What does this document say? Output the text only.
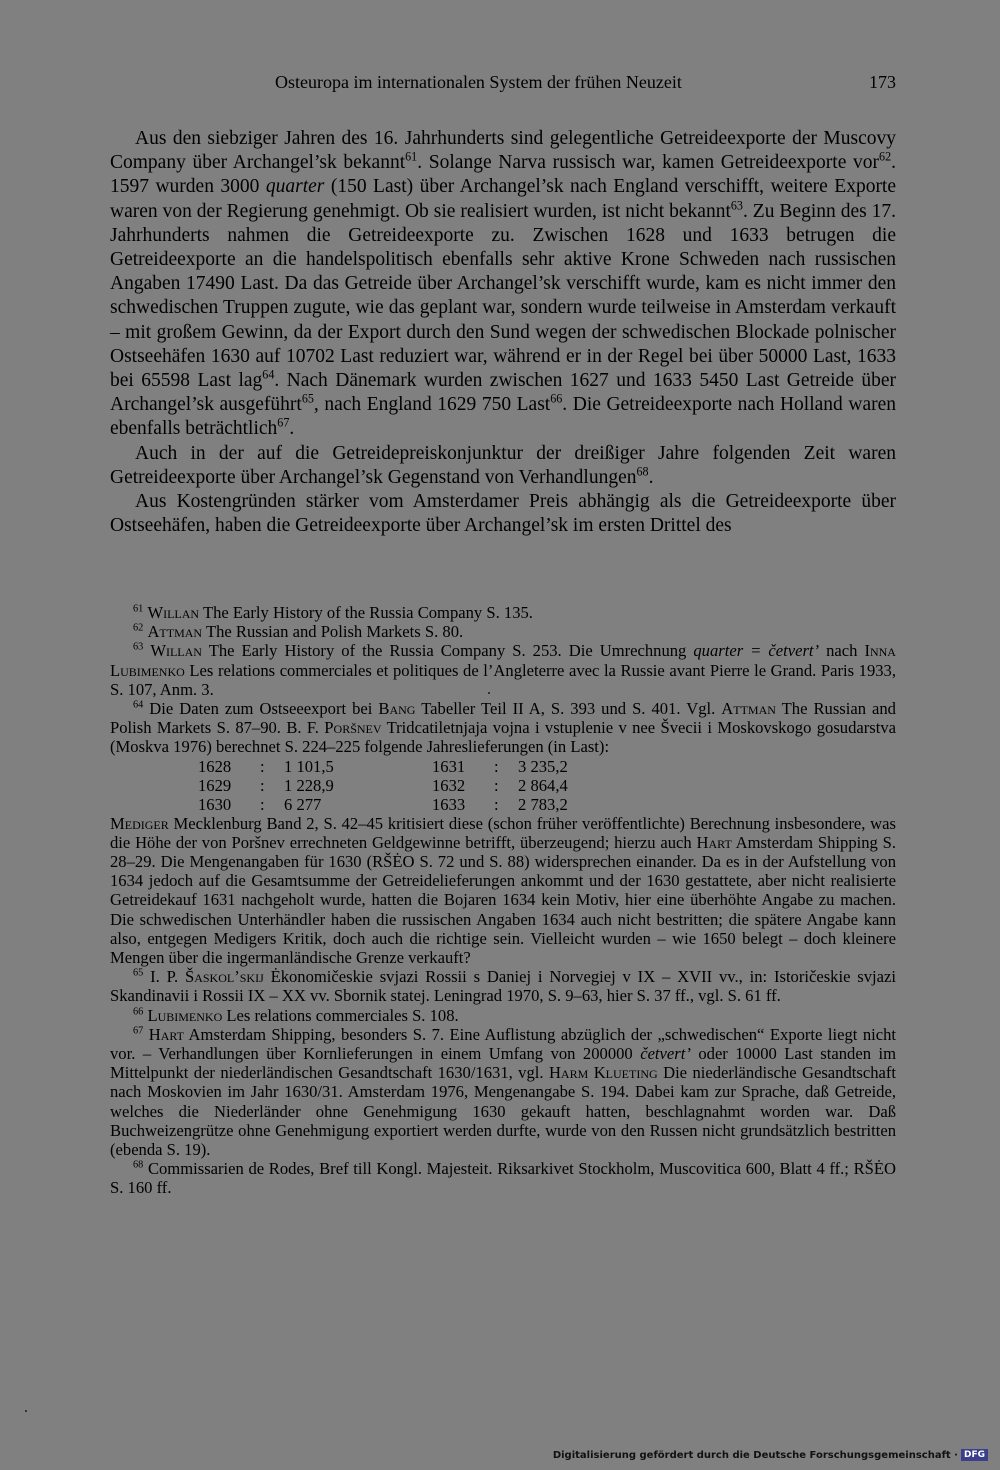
Osteuropa im internationalen System der frühen Neuzeit	173

Aus den siebziger Jahren des 16. Jahrhunderts sind gelegentliche Getreideexporte der Muscovy Company über Archangel’sk bekannt$^{61}$. Solange Narva russisch war, kamen Getreideexporte vor$^{62}$. 1597 wurden 3000 quarter (150 Last) über Archangel’sk nach England verschifft, weitere Exporte waren von der Regierung genehmigt. Ob sie realisiert wurden, ist nicht bekannt$^{63}$. Zu Beginn des 17. Jahrhunderts nahmen die Getreideexporte zu. Zwischen 1628 und 1633 betrugen die Getreideexporte an die handelspolitisch ebenfalls sehr aktive Krone Schweden nach russischen Angaben 17490 Last. Da das Getreide über Archangel’sk verschifft wurde, kam es nicht immer den schwedischen Truppen zugute, wie das geplant war, sondern wurde teilweise in Amsterdam verkauft – mit großem Gewinn, da der Export durch den Sund wegen der schwedischen Blockade polnischer Ostseehäfen 1630 auf 10702 Last reduziert war, während er in der Regel bei über 50000 Last, 1633 bei 65598 Last lag$^{64}$. Nach Dänemark wurden zwischen 1627 und 1633 5450 Last Getreide über Archangel’sk ausgeführt$^{65}$, nach England 1629 750 Last$^{66}$. Die Getreideexporte nach Holland waren ebenfalls beträchtlich$^{67}$.

Auch in der auf die Getreidepreiskonjunktur der dreißiger Jahre folgenden Zeit waren Getreideexporte über Archangel’sk Gegenstand von Verhandlungen$^{68}$.

Aus Kostengründen stärker vom Amsterdamer Preis abhängig als die Getreideexporte über Ostseehäfen, haben die Getreideexporte über Archangel’sk im ersten Drittel des

$^{61}$ Willan The Early History of the Russia Company S. 135.

$^{62}$ Attman The Russian and Polish Markets S. 80.

$^{63}$ Willan The Early History of the Russia Company S. 253. Die Umrechnung quarter = četvert’ nach Inna Lubimenko Les relations commerciales et politiques de l’Angleterre avec la Russie avant Pierre le Grand. Paris 1933, S. 107, Anm. 3.

$^{64}$ Die Daten zum Ostseeexport bei Bang Tabeller Teil II A, S. 393 und S. 401. Vgl. Attman The Russian and Polish Markets S. 87–90. B. F. Poršnev Tridcatiletnjaja vojna i vstuplenie v nee Švecii i Moskovskogo gosudarstva (Moskva 1976) berechnet S. 224–225 folgende Jahreslieferungen (in Last):

1628	:	1 101,5	1631	:	3 235,2
1629	:	1 228,9	1632	:	2 864,4
1630	:	6 277	1633	:	2 783,2

Mediger Mecklenburg Band 2, S. 42–45 kritisiert diese (schon früher veröffentlichte) Berechnung insbesondere, was die Höhe der von Poršnev errechneten Geldgewinne betrifft, überzeugend; hierzu auch Hart Amsterdam Shipping S. 28–29. Die Mengenangaben für 1630 (RŠĖO S. 72 und S. 88) widersprechen einander. Da es in der Aufstellung von 1634 jedoch auf die Gesamtsumme der Getreidelieferungen ankommt und der 1630 gestattete, aber nicht realisierte Getreidekauf 1631 nachgeholt wurde, hatten die Bojaren 1634 kein Motiv, hier eine überhöhte Angabe zu machen. Die schwedischen Unterhändler haben die russischen Angaben 1634 auch nicht bestritten; die spätere Angabe kann also, entgegen Medigers Kritik, doch auch die richtige sein. Vielleicht wurden – wie 1650 belegt – doch kleinere Mengen über die ingermanländische Grenze verkauft?

$^{65}$ I. P. Šaskol’skij Ėkonomičeskie svjazi Rossii s Daniej i Norvegiej v IX – XVII vv., in: Istoričeskie svjazi Skandinavii i Rossii IX – XX vv. Sbornik statej. Leningrad 1970, S. 9–63, hier S. 37 ff., vgl. S. 61 ff.

$^{66}$ Lubimenko Les relations commerciales S. 108.

$^{67}$ Hart Amsterdam Shipping, besonders S. 7. Eine Auflistung abzüglich der „schwedischen“ Exporte liegt nicht vor. – Verhandlungen über Kornlieferungen in einem Umfang von 200000 četvert’ oder 10000 Last standen im Mittelpunkt der niederländischen Gesandtschaft 1630/1631, vgl. Harm Klueting Die niederländische Gesandtschaft nach Moskovien im Jahr 1630/31. Amsterdam 1976, Mengenangabe S. 194. Dabei kam zur Sprache, daß Getreide, welches die Niederländer ohne Genehmigung 1630 gekauft hatten, beschlagnahmt worden war. Daß Buchweizengrütze ohne Genehmigung exportiert werden durfte, wurde von den Russen nicht grundsätzlich bestritten (ebenda S. 19).

$^{68}$ Commissarien de Rodes, Bref till Kongl. Majesteit. Riksarkivet Stockholm, Muscovitica 600, Blatt 4 ff.; RŠĖO S. 160 ff.

Digitalisierung gefördert durch die Deutsche Forschungsgemeinschaft · DFG
